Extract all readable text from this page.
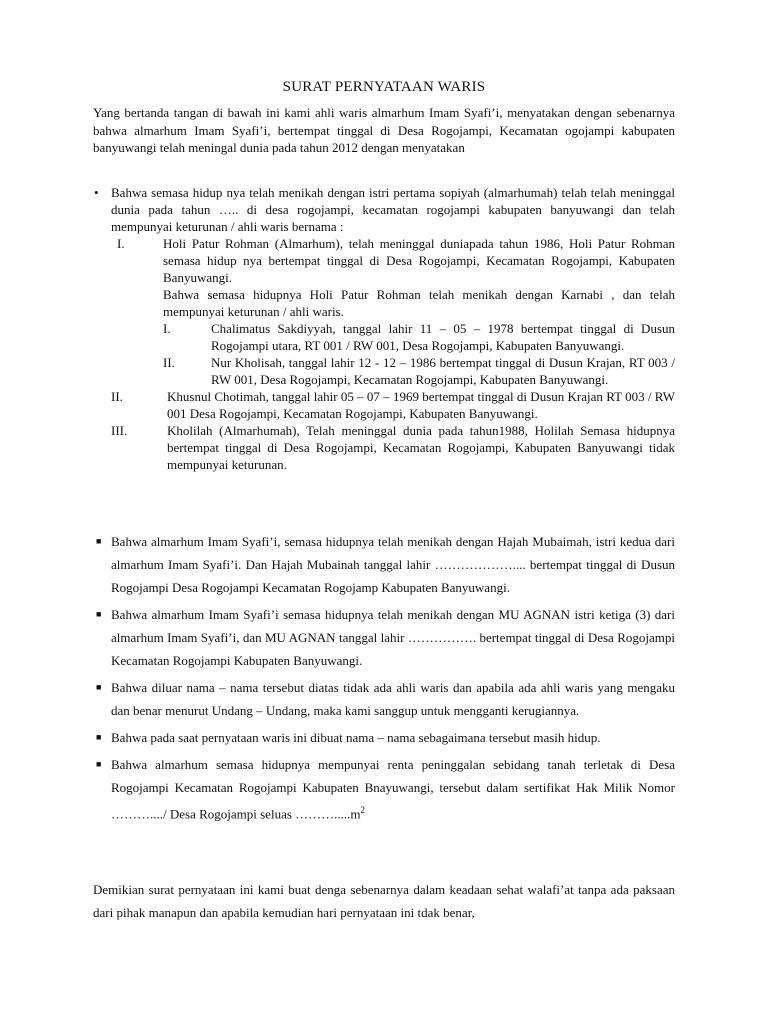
SURAT PERNYATAAN WARIS
Yang bertanda tangan di bawah ini kami ahli waris almarhum Imam Syafi’i, menyatakan dengan sebenarnya bahwa almarhum Imam Syafi’i, bertempat tinggal di Desa Rogojampi, Kecamatan ogojampi kabupaten banyuwangi telah meningal dunia pada tahun 2012 dengan menyatakan
• Bahwa semasa hidup nya telah menikah dengan istri pertama sopiyah (almarhumah) telah telah meninggal dunia pada tahun ….. di desa rogojampi, kecamatan rogojampi kabupaten banyuwangi dan telah mempunyai keturunan / ahli waris bernama :
I.	Holi Patur Rohman (Almarhum), telah meninggal duniapada tahun 1986, Holi Patur Rohman semasa hidup nya bertempat tinggal di Desa Rogojampi, Kecamatan Rogojampi, Kabupaten Banyuwangi.
Bahwa semasa hidupnya Holi Patur Rohman telah menikah dengan Karnabi , dan telah mempunyai keturunan / ahli waris.
I.	Chalimatus Sakdiyyah, tanggal lahir 11 – 05 – 1978 bertempat tinggal di Dusun Rogojampi utara, RT 001 / RW 001, Desa Rogojampi, Kabupaten Banyuwangi.
II.	Nur Kholisah, tanggal lahir 12 - 12 – 1986 bertempat tinggal di Dusun Krajan, RT 003 / RW 001, Desa Rogojampi, Kecamatan Rogojampi, Kabupaten Banyuwangi.
II.	Khusnul Chotimah, tanggal lahir 05 – 07 – 1969 bertempat tinggal di Dusun Krajan RT 003 / RW 001 Desa Rogojampi, Kecamatan Rogojampi, Kabupaten Banyuwangi.
III.	Kholilah (Almarhumah), Telah meninggal dunia pada tahun1988, Holilah Semasa hidupnya bertempat tinggal di Desa Rogojampi, Kecamatan Rogojampi, Kabupaten Banyuwangi tidak mempunyai keturunan.
■ Bahwa almarhum Imam Syafi’i, semasa hidupnya telah menikah dengan Hajah Mubaimah, istri kedua dari almarhum Imam Syafi’i. Dan Hajah Mubainah tanggal lahir ……………….... bertempat tinggal di Dusun Rogojampi Desa Rogojampi Kecamatan Rogojamp Kabupaten Banyuwangi.
■ Bahwa almarhum Imam Syafi’i semasa hidupnya telah menikah dengan MU AGNAN istri ketiga (3) dari almarhum Imam Syafi’i, dan MU AGNAN tanggal lahir ……………. bertempat tinggal di Desa Rogojampi Kecamatan Rogojampi Kabupaten Banyuwangi.
■ Bahwa diluar nama – nama tersebut diatas tidak ada ahli waris dan apabila ada ahli waris yang mengaku dan benar menurut Undang – Undang, maka kami sanggup untuk mengganti kerugiannya.
■ Bahwa pada saat pernyataan waris ini dibuat nama – nama sebagaimana tersebut masih hidup.
■ Bahwa almarhum semasa hidupnya mempunyai renta peninggalan sebidang tanah terletak di Desa Rogojampi Kecamatan Rogojampi Kabupaten Bnayuwangi, tersebut dalam sertifikat Hak Milik Nomor ………..../ Desa Rogojampi seluas $\dots\dots\dots.....m^2$
Demikian surat pernyataan ini kami buat denga sebenarnya dalam keadaan sehat walafi’at tanpa ada paksaan dari pihak manapun dan apabila kemudian hari pernyataan ini tdak benar,
